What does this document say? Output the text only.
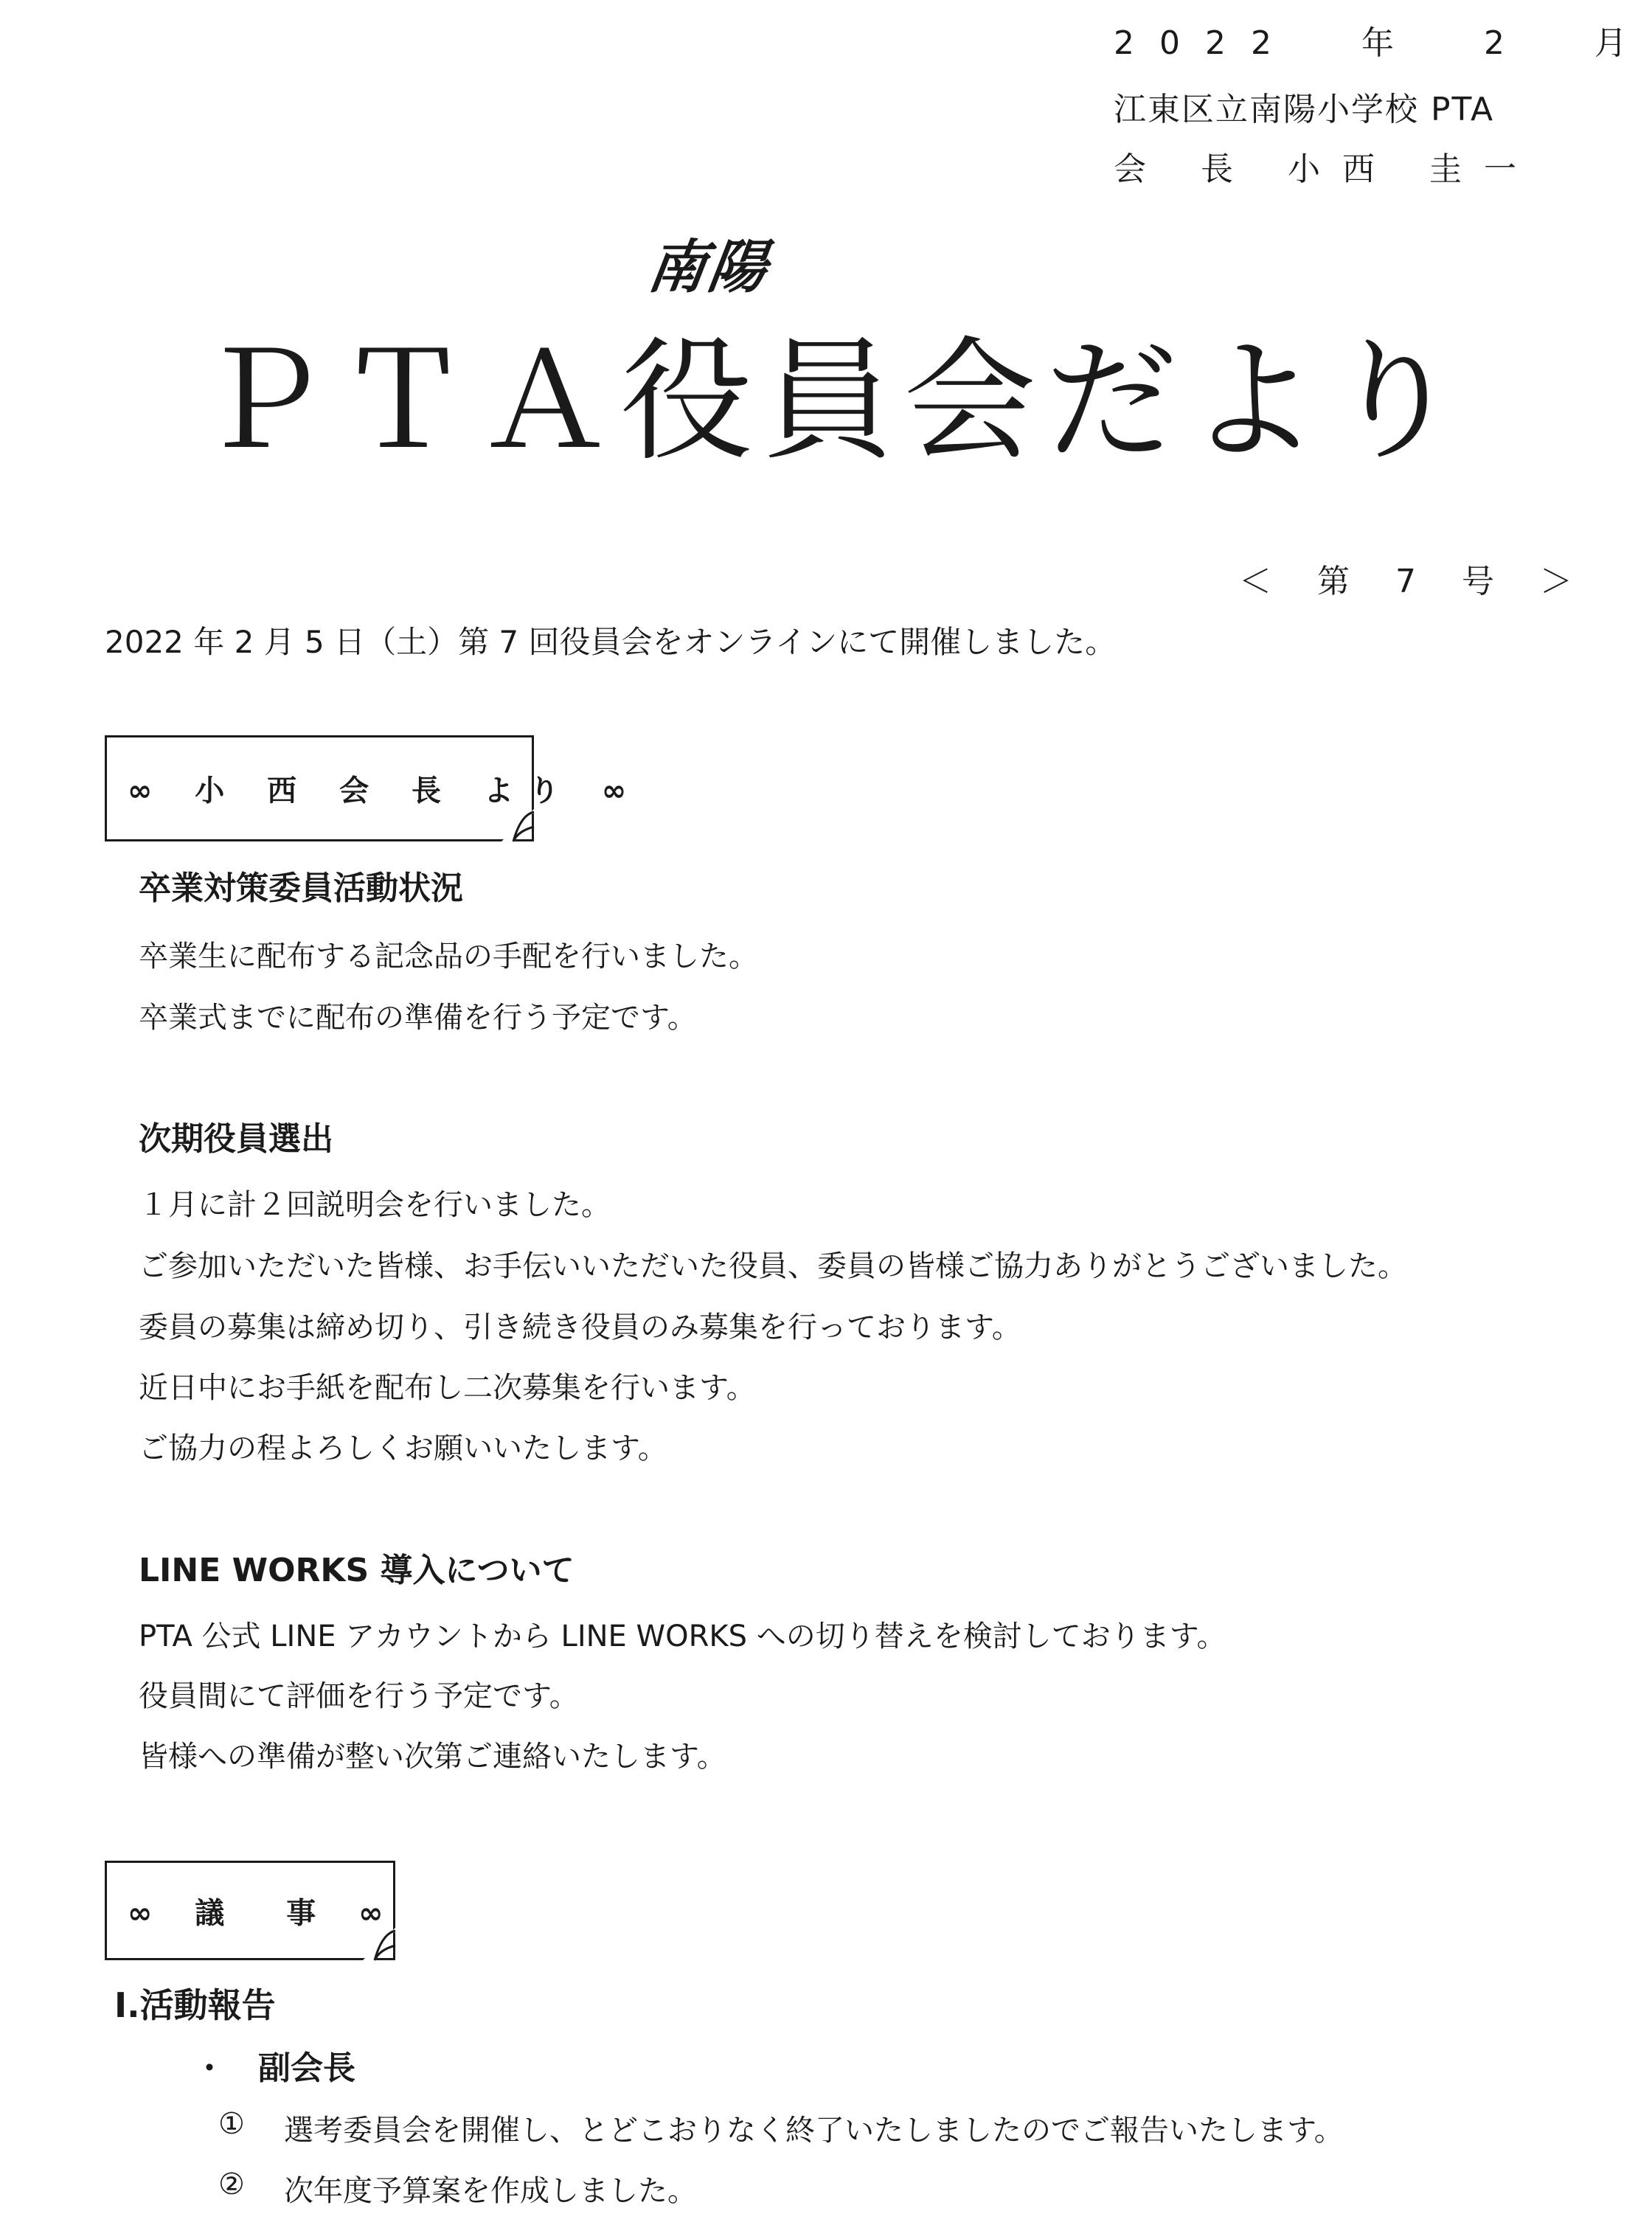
2022 年 2 月
江東区立南陽小学校 PTA
会 長 小西 圭一
南陽
ＰＴＡ役員会だより
＜ 第 7 号 ＞
2022 年 2 月 5 日（土）第 7 回役員会をオンラインにて開催しました。
∞ 小 西 会 長 より ∞
卒業対策委員活動状況
卒業生に配布する記念品の手配を行いました。
卒業式までに配布の準備を行う予定です。
次期役員選出
１月に計２回説明会を行いました。
ご参加いただいた皆様、お手伝いいただいた役員、委員の皆様ご協力ありがとうございました。
委員の募集は締め切り、引き続き役員のみ募集を行っております。
近日中にお手紙を配布し二次募集を行います。
ご協力の程よろしくお願いいたします。
LINE WORKS 導入について
PTA 公式 LINE アカウントから LINE WORKS への切り替えを検討しております。
役員間にて評価を行う予定です。
皆様への準備が整い次第ご連絡いたします。
∞ 議　事 ∞
Ⅰ.活動報告
・ 副会長
① 選考委員会を開催し、とどこおりなく終了いたしましたのでご報告いたします。
② 次年度予算案を作成しました。
